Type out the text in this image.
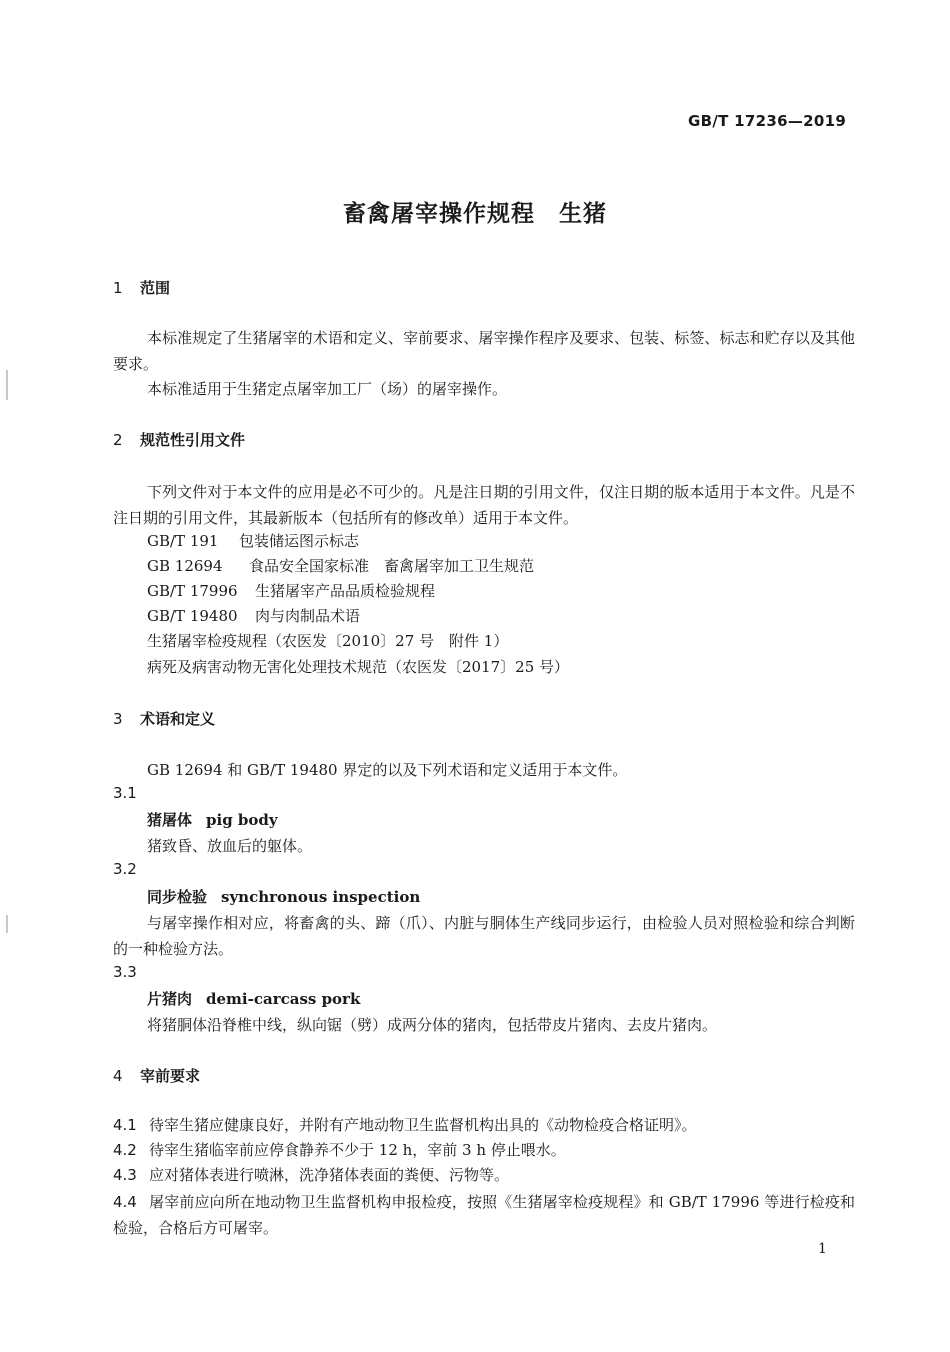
GB/T 17236—2019
畜禽屠宰操作规程　生猪
1 范围
本标准规定了生猪屠宰的术语和定义、宰前要求、屠宰操作程序及要求、包装、标签、标志和贮存以及其他要求。
本标准适用于生猪定点屠宰加工厂（场）的屠宰操作。
2 规范性引用文件
下列文件对于本文件的应用是必不可少的。凡是注日期的引用文件，仅注日期的版本适用于本文件。凡是不注日期的引用文件，其最新版本（包括所有的修改单）适用于本文件。
GB/T 191 包装储运图示标志
GB 12694 食品安全国家标准　畜禽屠宰加工卫生规范
GB/T 17996 生猪屠宰产品品质检验规程
GB/T 19480 肉与肉制品术语
生猪屠宰检疫规程（农医发〔2010〕27 号　附件 1）
病死及病害动物无害化处理技术规范（农医发〔2017〕25 号）
3 术语和定义
GB 12694 和 GB/T 19480 界定的以及下列术语和定义适用于本文件。
3.1
猪屠体 pig body
猪致昏、放血后的躯体。
3.2
同步检验 synchronous inspection
与屠宰操作相对应，将畜禽的头、蹄（爪）、内脏与胴体生产线同步运行，由检验人员对照检验和综合判断的一种检验方法。
3.3
片猪肉 demi-carcass pork
将猪胴体沿脊椎中线，纵向锯（劈）成两分体的猪肉，包括带皮片猪肉、去皮片猪肉。
4 宰前要求
4.1 待宰生猪应健康良好，并附有产地动物卫生监督机构出具的《动物检疫合格证明》。
4.2 待宰生猪临宰前应停食静养不少于 12 h，宰前 3 h 停止喂水。
4.3 应对猪体表进行喷淋，洗净猪体表面的粪便、污物等。
4.4 屠宰前应向所在地动物卫生监督机构申报检疫，按照《生猪屠宰检疫规程》和 GB/T 17996 等进行检疫和检验，合格后方可屠宰。
1
